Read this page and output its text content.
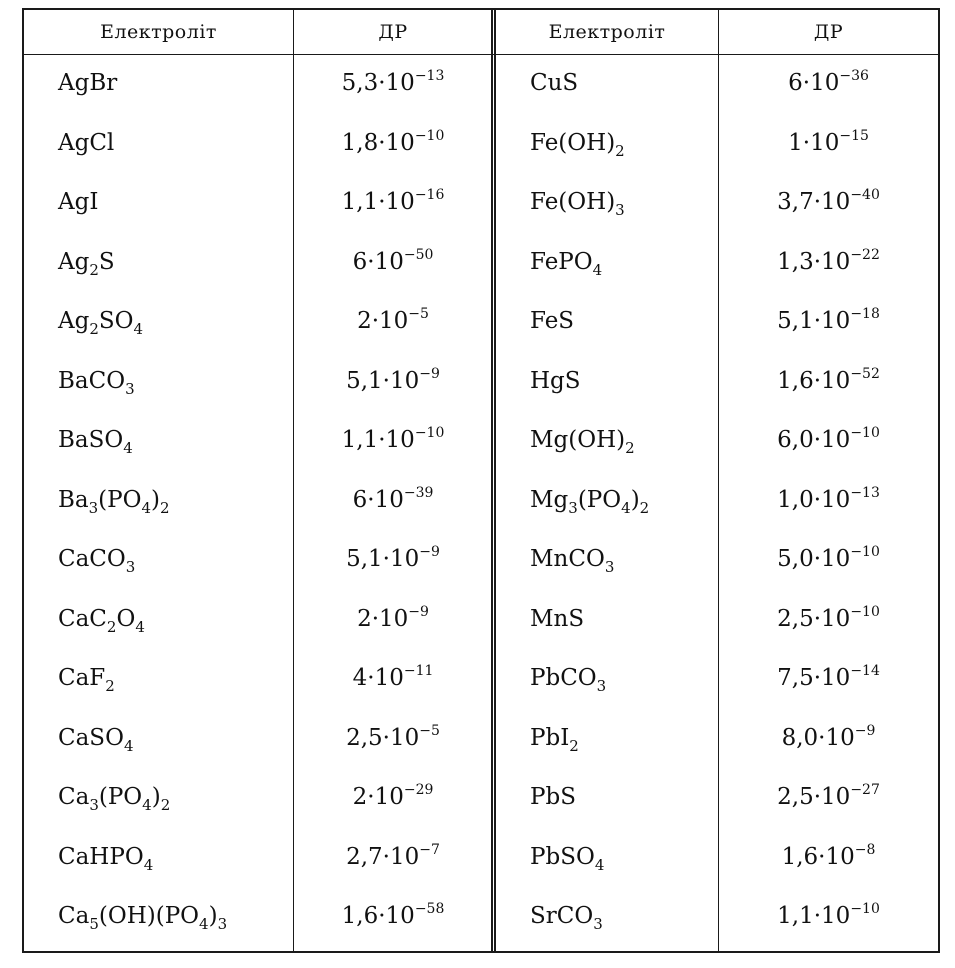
Електроліт	ДР
AgBr	$5,3\cdot 10^{-13}$
AgCl	$1,8\cdot 10^{-10}$
AgI	$1,1\cdot 10^{-16}$
$Ag_2S$	$6\cdot 10^{-50}$
$Ag_2SO_4$	$2\cdot 10^{-5}$
BaCO$_3$	$5,1\cdot 10^{-9}$
BaSO$_4$	$1,1\cdot 10^{-10}$
$Ba_3(PO_4)_2$	$6\cdot 10^{-39}$
CaCO$_3$	$5,1\cdot 10^{-9}$
$CaC_2O_4$	$2\cdot 10^{-9}$
CaF$_2$	$4\cdot 10^{-11}$
CaSO$_4$	$2,5\cdot 10^{-5}$
$Ca_3(PO_4)_2$	$2\cdot 10^{-29}$
CaHPO$_4$	$2,7\cdot 10^{-7}$
$Ca_5(OH)(PO_4)_3$	$1,6\cdot 10^{-58}$
Електроліт	ДР
CuS	$6\cdot 10^{-36}$
$Fe(OH)_2$	$1\cdot 10^{-15}$
$Fe(OH)_3$	$3,7\cdot 10^{-40}$
FePO$_4$	$1,3\cdot 10^{-22}$
FeS	$5,1\cdot 10^{-18}$
HgS	$1,6\cdot 10^{-52}$
$Mg(OH)_2$	$6,0\cdot 10^{-10}$
$Mg_3(PO_4)_2$	$1,0\cdot 10^{-13}$
MnCO$_3$	$5,0\cdot 10^{-10}$
MnS	$2,5\cdot 10^{-10}$
PbCO$_3$	$7,5\cdot 10^{-14}$
PbI$_2$	$8,0\cdot 10^{-9}$
PbS	$2,5\cdot 10^{-27}$
PbSO$_4$	$1,6\cdot 10^{-8}$
SrCO$_3$	$1,1\cdot 10^{-10}$
